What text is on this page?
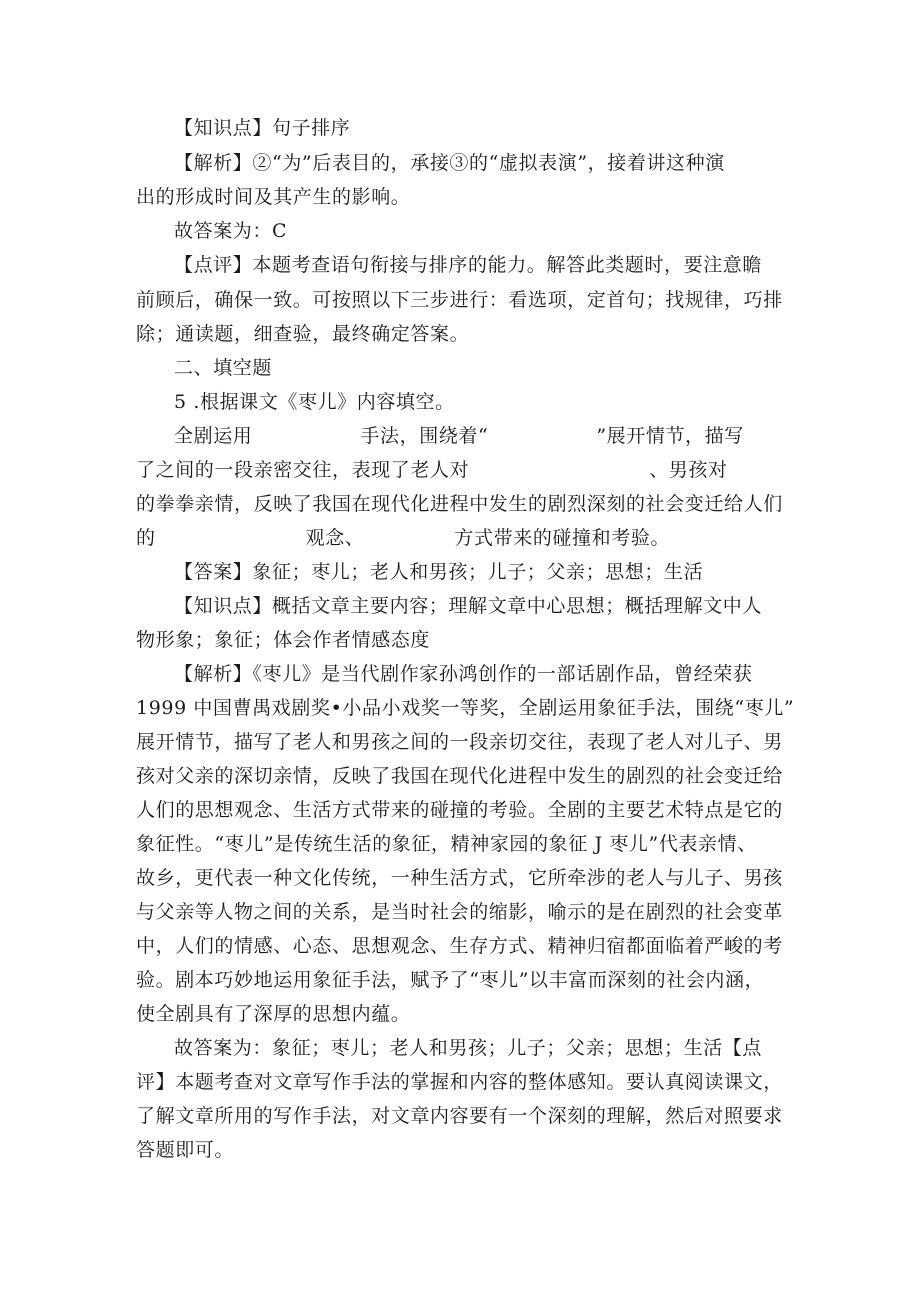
【知识点】句子排序
【解析】②“为”后表目的，承接③的“虚拟表演”，接着讲这种演
出的形成时间及其产生的影响。
故答案为：C
【点评】本题考查语句衔接与排序的能力。解答此类题时，要注意瞻
前顾后，确保一致。可按照以下三步进行：看选项，定首句；找规律，巧排
除；通读题，细查验，最终确定答案。
二、填空题
5 .根据课文《枣儿》内容填空。
全剧运用	手法，围绕着“	”展开情节，描写
了之间的一段亲密交往，表现了老人对	、男孩对
的拳拳亲情，反映了我国在现代化进程中发生的剧烈深刻的社会变迁给人们
的	观念、	方式带来的碰撞和考验。
【答案】象征；枣儿；老人和男孩；儿子；父亲；思想；生活
【知识点】概括文章主要内容；理解文章中心思想；概括理解文中人
物形象；象征；体会作者情感态度
【解析】《枣儿》是当代剧作家孙鸿创作的一部话剧作品，曾经荣获
1999 中国曹禺戏剧奖•小品小戏奖一等奖，全剧运用象征手法，围绕“枣儿”
展开情节，描写了老人和男孩之间的一段亲切交往，表现了老人对儿子、男
孩对父亲的深切亲情，反映了我国在现代化进程中发生的剧烈的社会变迁给
人们的思想观念、生活方式带来的碰撞的考验。全剧的主要艺术特点是它的
象征性。“枣儿”是传统生活的象征，精神家园的象征 J 枣儿”代表亲情、
故乡，更代表一种文化传统，一种生活方式，它所牵涉的老人与儿子、男孩
与父亲等人物之间的关系，是当时社会的缩影，喻示的是在剧烈的社会变革
中，人们的情感、心态、思想观念、生存方式、精神归宿都面临着严峻的考
验。剧本巧妙地运用象征手法，赋予了“枣儿”以丰富而深刻的社会内涵，
使全剧具有了深厚的思想内蕴。
故答案为：象征；枣儿；老人和男孩；儿子；父亲；思想；生活【点
评】本题考查对文章写作手法的掌握和内容的整体感知。要认真阅读课文，
了解文章所用的写作手法，对文章内容要有一个深刻的理解，然后对照要求
答题即可。
